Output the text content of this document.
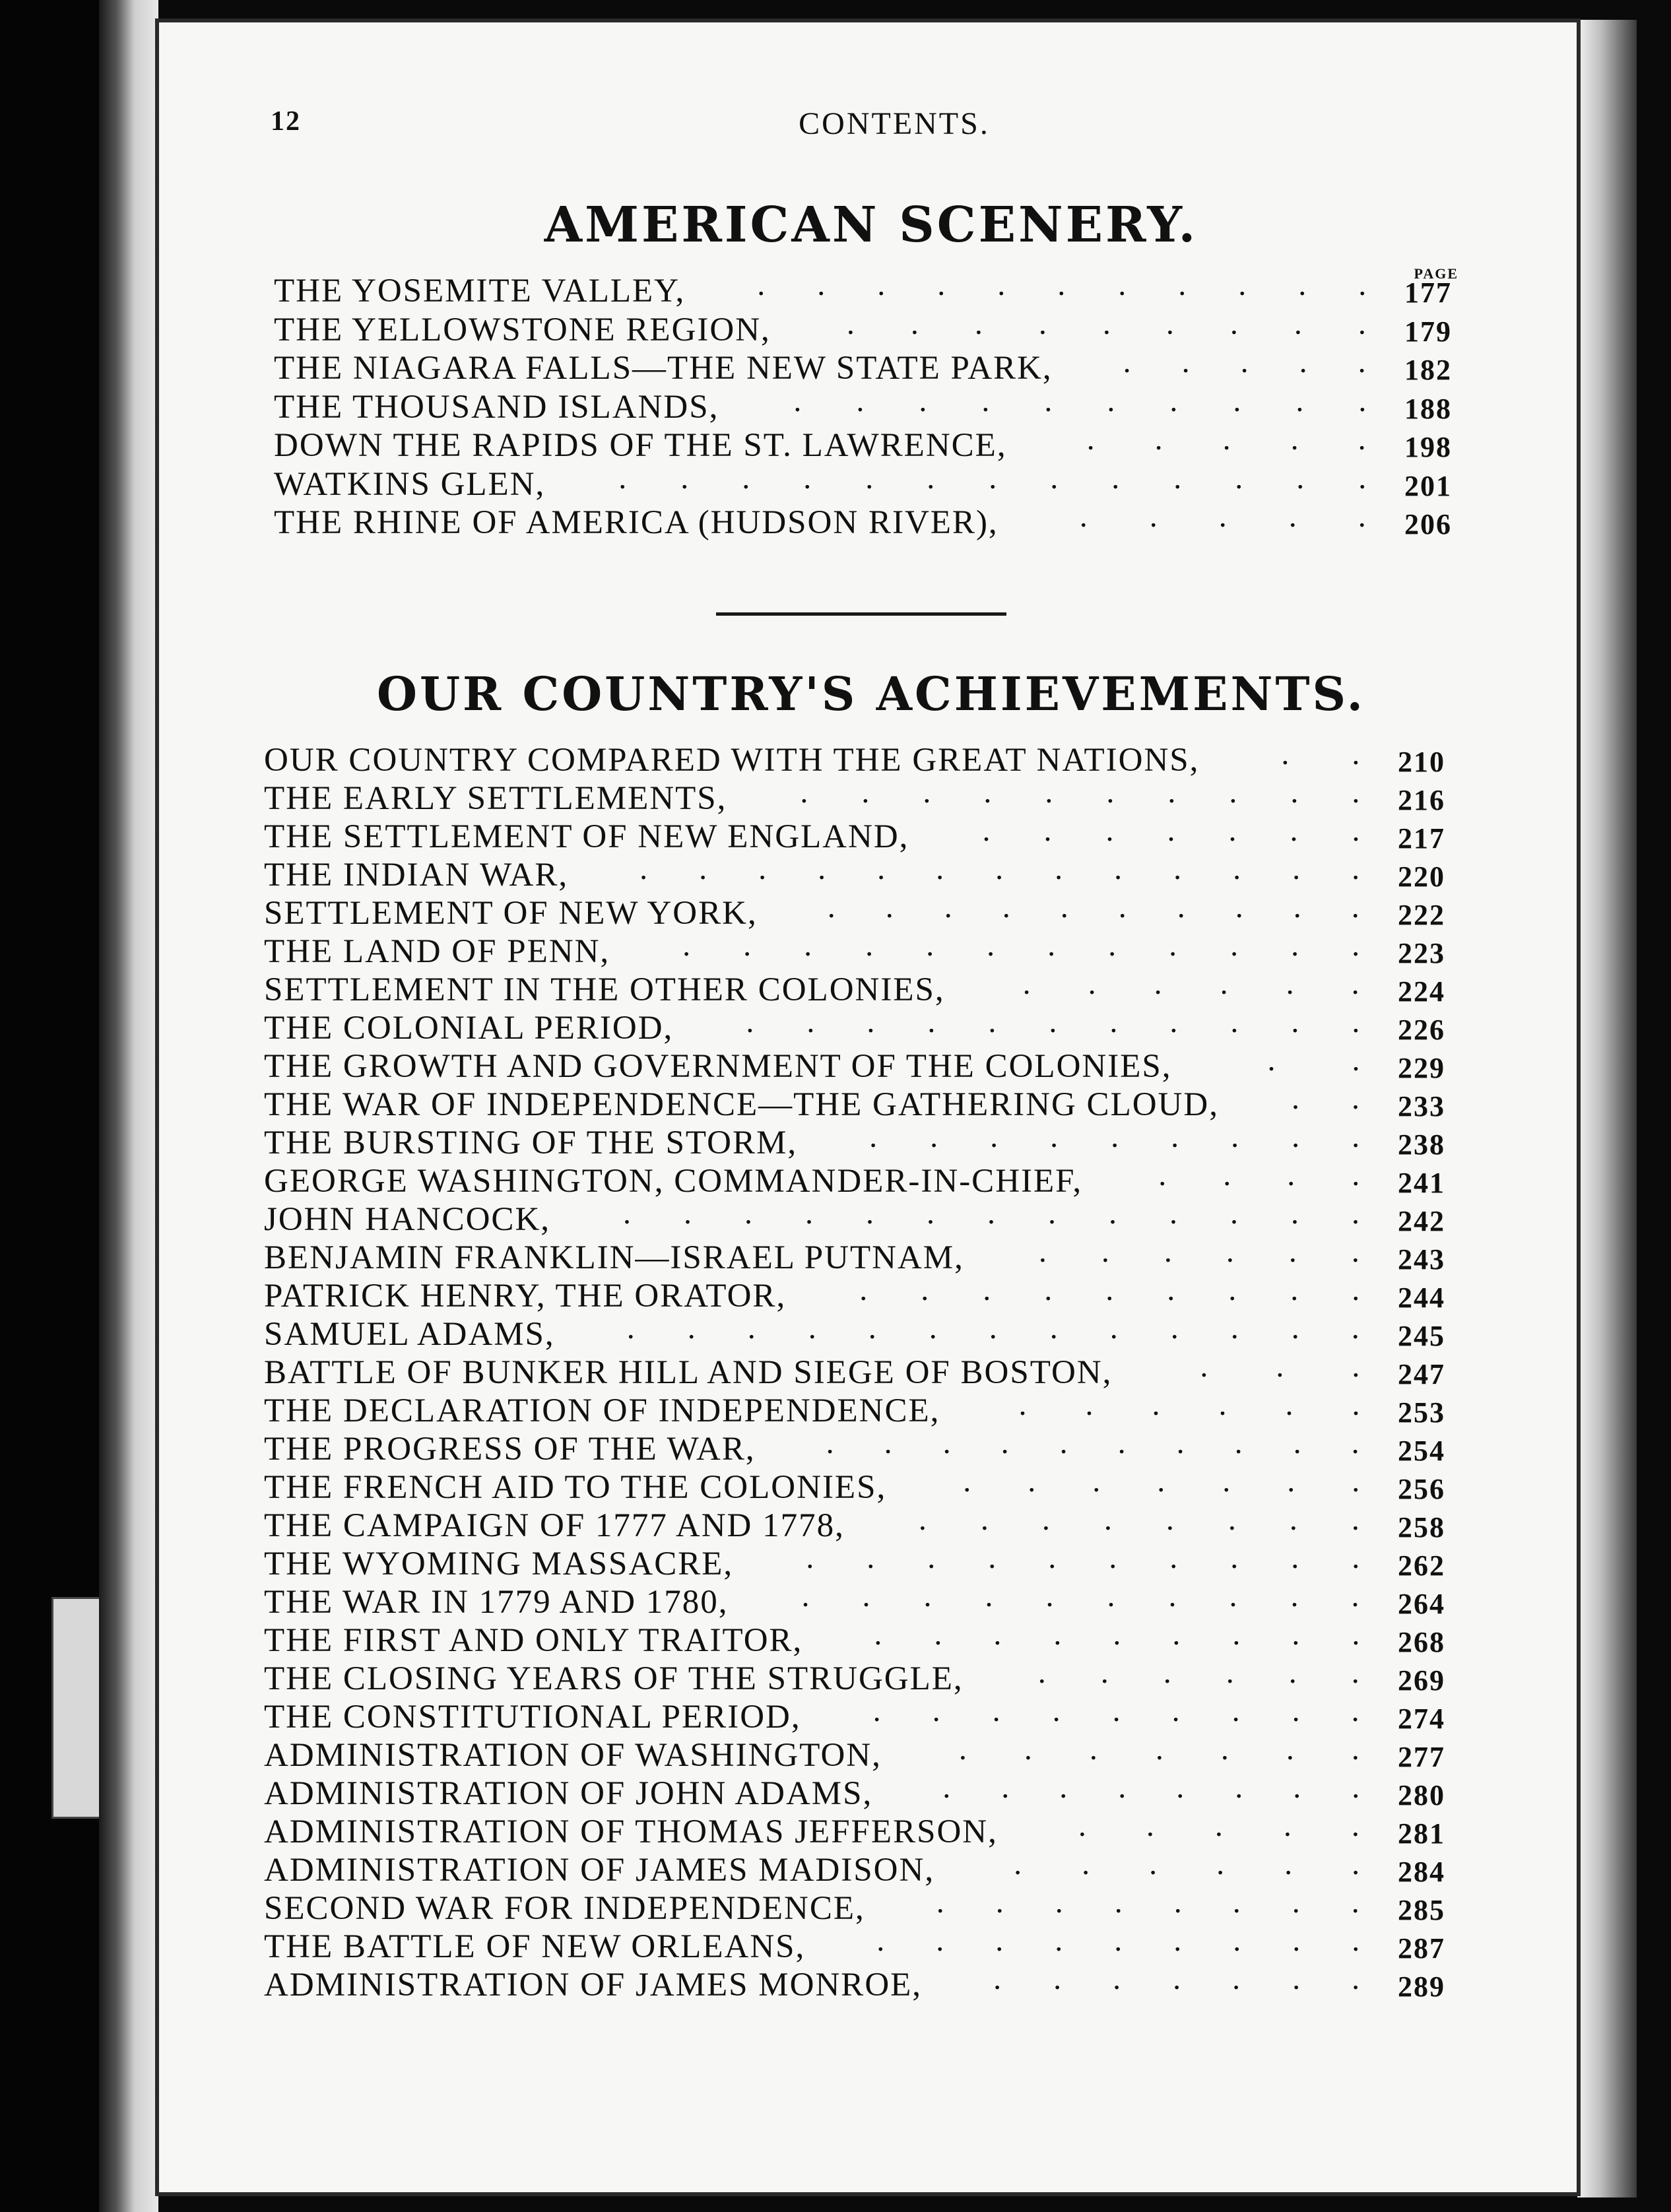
12	CONTENTS.
AMERICAN SCENERY.
PAGE
OUR COUNTRY'S ACHIEVEMENTS.
THE YOSEMITE VALLEY, . . . . . . . . . . .	177
THE YELLOWSTONE REGION, . . . . . . . . .	179
THE NIAGARA FALLS—THE NEW STATE PARK, . . . . .	182
THE THOUSAND ISLANDS, . . . . . . . . . .	188
DOWN THE RAPIDS OF THE ST. LAWRENCE,	. . . . .	198
WATKINS GLEN, . . . . . . . . . . . . .	201
THE RHINE OF AMERICA (HUDSON RIVER),	. . . . .	206
OUR COUNTRY COMPARED WITH THE GREAT NATIONS,	. .	210
THE EARLY SETTLEMENTS, . . . . . . . . . .	216
THE SETTLEMENT OF NEW ENGLAND, . . . . . . .	217
THE INDIAN WAR, . . . . . . . . . . . . .	220
SETTLEMENT OF NEW YORK, . . . . . . . . . .	222
THE LAND OF PENN, . . . . . . . . . . . .	223
SETTLEMENT IN THE OTHER COLONIES, . . . . . .	224
THE COLONIAL PERIOD, . . . . . . . . . . .	226
THE GROWTH AND GOVERNMENT OF THE COLONIES,	. .	229
THE WAR OF INDEPENDENCE—THE GATHERING CLOUD, . .	233
THE BURSTING OF THE STORM, . . . . . . . . .	238
GEORGE WASHINGTON, COMMANDER-IN-CHIEF, . . . .	241
JOHN HANCOCK, . . . . . . . . . . . . .	242
BENJAMIN FRANKLIN—ISRAEL PUTNAM, . . . . . .	243
PATRICK HENRY, THE ORATOR, . . . . . . . . .	244
SAMUEL ADAMS, . . . . . . . . . . . . .	245
BATTLE OF BUNKER HILL AND SIEGE OF BOSTON,	. . .	247
THE DECLARATION OF INDEPENDENCE, . . . . . .	253
THE PROGRESS OF THE WAR, . . . . . . . . . .	254
THE FRENCH AID TO THE COLONIES, . . . . . . .	256
THE CAMPAIGN OF 1777 AND 1778, . . . . . . . .	258
THE WYOMING MASSACRE, . . . . . . . . . .	262
THE WAR IN 1779 AND 1780, . . . . . . . . . .	264
THE FIRST AND ONLY TRAITOR, . . . . . . . . .	268
THE CLOSING YEARS OF THE STRUGGLE, . . . . . .	269
THE CONSTITUTIONAL PERIOD, . . . . . . . . .	274
ADMINISTRATION OF WASHINGTON, . . . . . . .	277
ADMINISTRATION OF JOHN ADAMS, . . . . . . . .	280
ADMINISTRATION OF THOMAS JEFFERSON,	. . . . .	281
ADMINISTRATION OF JAMES MADISON,	. . . . . .	284
SECOND WAR FOR INDEPENDENCE, . . . . . . . .	285
THE BATTLE OF NEW ORLEANS, . . . . . . . . .	287
ADMINISTRATION OF JAMES MONROE, . . . . . . .	289
